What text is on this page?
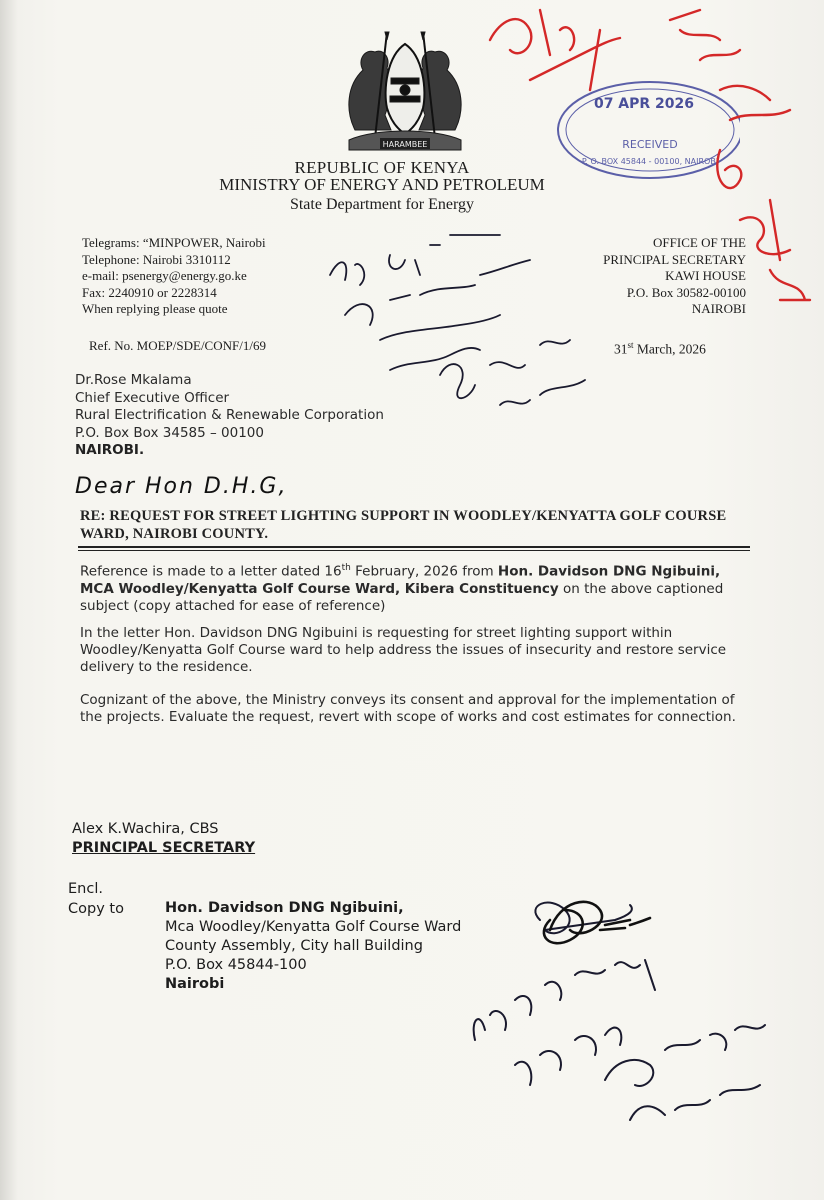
HARAMBEE
REPUBLIC OF KENYA
MINISTRY OF ENERGY AND PETROLEUM
State Department for Energy
Telegrams: “MINPOWER, Nairobi
Telephone: Nairobi 3310112
e-mail: psenergy@energy.go.ke
Fax: 2240910 or 2228314
When replying please quote
OFFICE OF THE
PRINCIPAL SECRETARY
KAWI HOUSE
P.O. Box 30582-00100
NAIROBI
Ref. No. MOEP/SDE/CONF/1/69	31st March, 2026
Dr.Rose Mkalama
Chief Executive Officer
Rural Electrification & Renewable Corporation
P.O. Box Box 34585 – 00100
NAIROBI.
Dear Hon D.H.G,
RE: REQUEST FOR STREET LIGHTING SUPPORT IN WOODLEY/KENYATTA GOLF COURSE WARD, NAIROBI COUNTY.
Reference is made to a letter dated 16th February, 2026 from Hon. Davidson DNG Ngibuini, MCA Woodley/Kenyatta Golf Course Ward, Kibera Constituency on the above captioned subject (copy attached for ease of reference)
In the letter Hon. Davidson DNG Ngibuini is requesting for street lighting support within Woodley/Kenyatta Golf Course ward to help address the issues of insecurity and restore service delivery to the residence.
Cognizant of the above, the Ministry conveys its consent and approval for the implementation of the projects. Evaluate the request, revert with scope of works and cost estimates for connection.
Alex K.Wachira, CBS
PRINCIPAL SECRETARY
Encl.
Copy to	Hon. Davidson DNG Ngibuini,
Mca Woodley/Kenyatta Golf Course Ward
County Assembly, City hall Building
P.O. Box 45844-100
Nairobi
07 APR 2026
RECEIVED
P. O. BOX 45844 - 00100, NAIROBI
